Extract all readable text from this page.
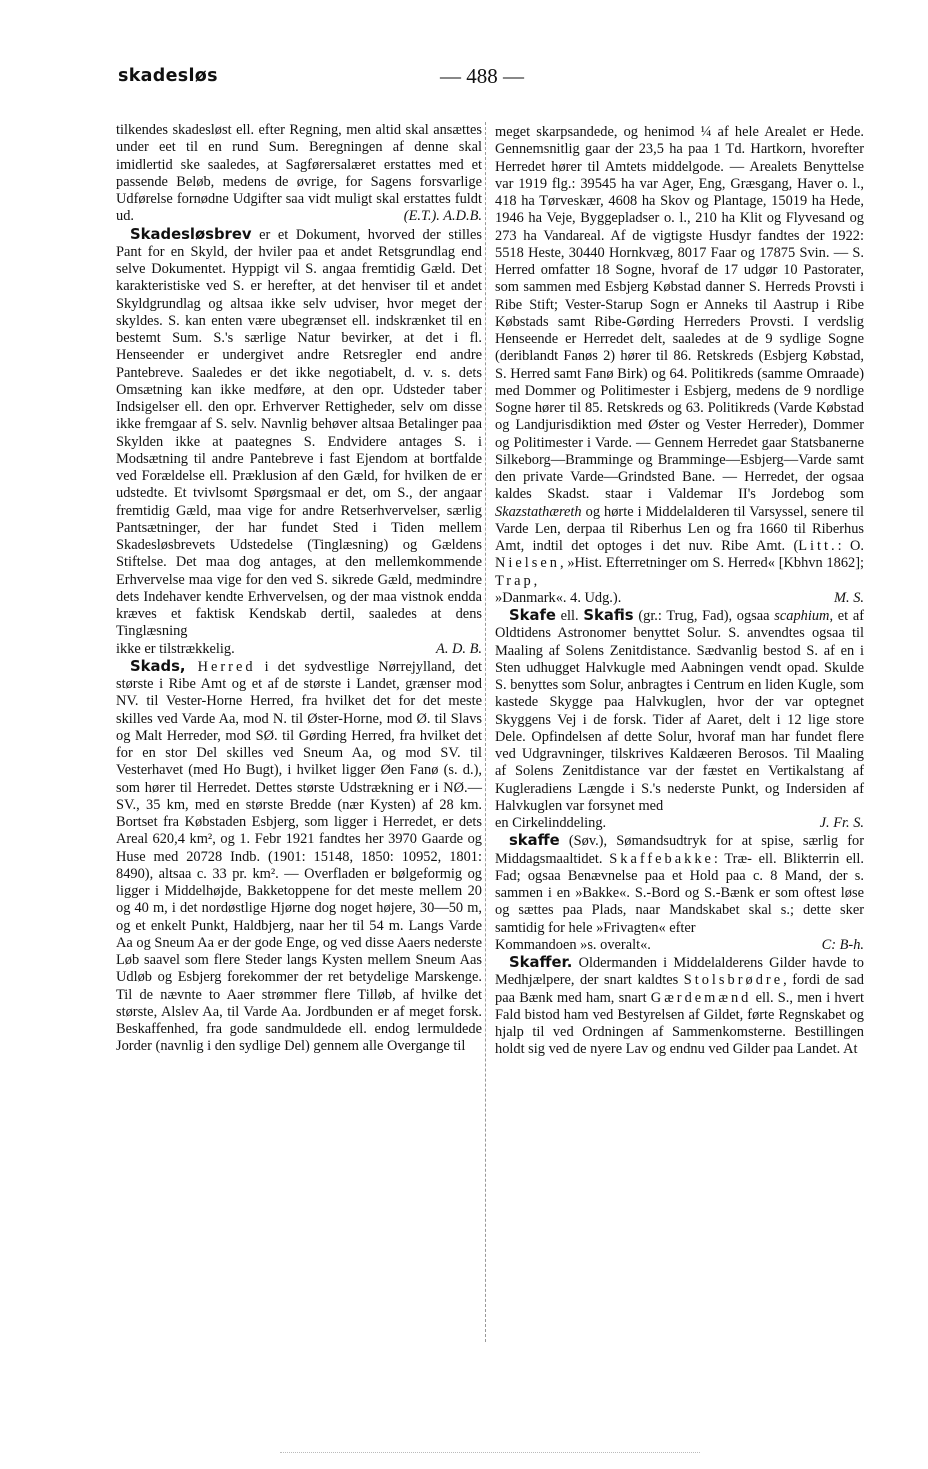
skadesløs	— 488 —

tilkendes skadesløst ell. efter Regning, men altid skal ansættes under eet til en rund Sum. Beregningen af denne skal imidlertid ske saaledes, at Sagførersalæret erstattes med et passende Beløb, medens de øvrige, for Sagens forsvarlige Udførelse fornødne Udgifter saa vidt muligt skal erstattes fuldt ud.	(E.T.). A.D.B.

Skadesløsbrev er et Dokument, hvorved der stilles Pant for en Skyld, der hviler paa et andet Retsgrundlag end selve Dokumentet. Hyppigt vil S. angaa fremtidig Gæld. Det karakteristiske ved S. er herefter, at det henviser til et andet Skyldgrundlag og altsaa ikke selv udviser, hvor meget der skyldes. S. kan enten være ubegrænset ell. indskrænket til en bestemt Sum. S.'s særlige Natur bevirker, at det i fl. Henseender er undergivet andre Retsregler end andre Pantebreve. Saaledes er det ikke negotiabelt, d. v. s. dets Omsætning kan ikke medføre, at den opr. Udsteder taber Indsigelser ell. den opr. Erhverver Rettigheder, selv om disse ikke fremgaar af S. selv. Navnlig behøver altsaa Betalinger paa Skylden ikke at paategnes S. Endvidere antages S. i Modsætning til andre Pantebreve i fast Ejendom at bortfalde ved Forældelse ell. Præklusion af den Gæld, for hvilken de er udstedte. Et tvivlsomt Spørgsmaal er det, om S., der angaar fremtidig Gæld, maa vige for andre Retserhvervelser, særlig Pantsætninger, der har fundet Sted i Tiden mellem Skadesløsbrevets Udstedelse (Tinglæsning) og Gældens Stiftelse. Det maa dog antages, at den mellemkommende Erhvervelse maa vige for den ved S. sikrede Gæld, medmindre dets Indehaver kendte Erhvervelsen, og der maa vistnok endda kræves et faktisk Kendskab dertil, saaledes at dens Tinglæsning

ikke er tilstrækkelig.	A. D. B.

Skads, Herred i det sydvestlige Nørrejylland, det største i Ribe Amt og et af de største i Landet, grænser mod NV. til Vester-Horne Herred, fra hvilket det for det meste skilles ved Varde Aa, mod N. til Øster-Horne, mod Ø. til Slavs og Malt Herreder, mod SØ. til Gørding Herred, fra hvilket det for en stor Del skilles ved Sneum Aa, og mod SV. til Vesterhavet (med Ho Bugt), i hvilket ligger Øen Fanø (s. d.), som hører til Herredet. Dettes største Udstrækning er i NØ.—SV., 35 km, med en største Bredde (nær Kysten) af 28 km. Bortset fra Købstaden Esbjerg, som ligger i Herredet, er dets Areal 620,4 km², og 1. Febr 1921 fandtes her 3970 Gaarde og Huse med 20728 Indb. (1901: 15148, 1850: 10952, 1801: 8490), altsaa c. 33 pr. km². — Overfladen er bølgeformig og ligger i Middelhøjde, Bakketoppene for det meste mellem 20 og 40 m, i det nordøstlige Hjørne dog noget højere, 30—50 m, og et enkelt Punkt, Haldbjerg, naar her til 54 m. Langs Varde Aa og Sneum Aa er der gode Enge, og ved disse Aaers nederste Løb saavel som flere Steder langs Kysten mellem Sneum Aas Udløb og Esbjerg forekommer der ret betydelige Marskenge. Til de nævnte to Aaer strømmer flere Tilløb, af hvilke det største, Alslev Aa, til Varde Aa. Jordbunden er af meget forsk. Beskaffenhed, fra gode sandmuldede ell. endog lermuldede Jorder (navnlig i den sydlige Del) gennem alle Overgange til

meget skarpsandede, og henimod ¼ af hele Arealet er Hede. Gennemsnitlig gaar der 23,5 ha paa 1 Td. Hartkorn, hvorefter Herredet hører til Amtets middelgode. — Arealets Benyttelse var 1919 flg.: 39545 ha var Ager, Eng, Græsgang, Haver o. l., 418 ha Tørveskær, 4608 ha Skov og Plantage, 15019 ha Hede, 1946 ha Veje, Byggepladser o. l., 210 ha Klit og Flyvesand og 273 ha Vandareal. Af de vigtigste Husdyr fandtes der 1922: 5518 Heste, 30440 Hornkvæg, 8017 Faar og 17875 Svin. — S. Herred omfatter 18 Sogne, hvoraf de 17 udgør 10 Pastorater, som sammen med Esbjerg Købstad danner S. Herreds Provsti i Ribe Stift; Vester-Starup Sogn er Anneks til Aastrup i Ribe Købstads samt Ribe-Gørding Herreders Provsti. I verdslig Henseende er Herredet delt, saaledes at de 9 sydlige Sogne (deriblandt Fanøs 2) hører til 86. Retskreds (Esbjerg Købstad, S. Herred samt Fanø Birk) og 64. Politikreds (samme Omraade) med Dommer og Politimester i Esbjerg, medens de 9 nordlige Sogne hører til 85. Retskreds og 63. Politikreds (Varde Købstad og Landjurisdiktion med Øster og Vester Herreder), Dommer og Politimester i Varde. — Gennem Herredet gaar Statsbanerne Silkeborg—Bramminge og Bramminge—Esbjerg—Varde samt den private Varde—Grindsted Bane. — Herredet, der ogsaa kaldes Skadst. staar i Valdemar II's Jordebog som Skazstathæreth og hørte i Middelalderen til Varsyssel, senere til Varde Len, derpaa til Riberhus Len og fra 1660 til Riberhus Amt, indtil det optoges i det nuv. Ribe Amt. (Litt.: O. Nielsen, »Hist. Efterretninger om S. Herred« [Kbhvn 1862]; Trap,

»Danmark«. 4. Udg.).	M. S.

Skafe ell. Skafis (gr.: Trug, Fad), ogsaa scaphium, et af Oldtidens Astronomer benyttet Solur. S. anvendtes ogsaa til Maaling af Solens Zenitdistance. Sædvanlig bestod S. af en i Sten udhugget Halvkugle med Aabningen vendt opad. Skulde S. benyttes som Solur, anbragtes i Centrum en liden Kugle, som kastede Skygge paa Halvkuglen, hvor der var optegnet Skyggens Vej i de forsk. Tider af Aaret, delt i 12 lige store Dele. Opfindelsen af dette Solur, hvoraf man har fundet flere ved Udgravninger, tilskrives Kaldæeren Berosos. Til Maaling af Solens Zenitdistance var der fæstet en Vertikalstang af Kugleradiens Længde i S.'s nederste Punkt, og Indersiden af Halvkuglen var forsynet med

en Cirkelinddeling.	J. Fr. S.

skaffe (Søv.), Sømandsudtryk for at spise, særlig for Middagsmaaltidet. Skaffebakke: Træ- ell. Blikterrin ell. Fad; ogsaa Benævnelse paa et Hold paa c. 8 Mand, der s. sammen i en »Bakke«. S.-Bord og S.-Bænk er som oftest løse og sættes paa Plads, naar Mandskabet skal s.; dette sker samtidig for hele »Frivagten« efter

Kommandoen »s. overalt«.	C: B-h.

Skaffer. Oldermanden i Middelalderens Gilder havde to Medhjælpere, der snart kaldtes Stolsbrødre, fordi de sad paa Bænk med ham, snart Gærdemænd ell. S., men i hvert Fald bistod ham ved Bestyrelsen af Gildet, førte Regnskabet og hjalp til ved Ordningen af Sammenkomsterne. Bestillingen holdt sig ved de nyere Lav og endnu ved Gilder paa Landet. At
